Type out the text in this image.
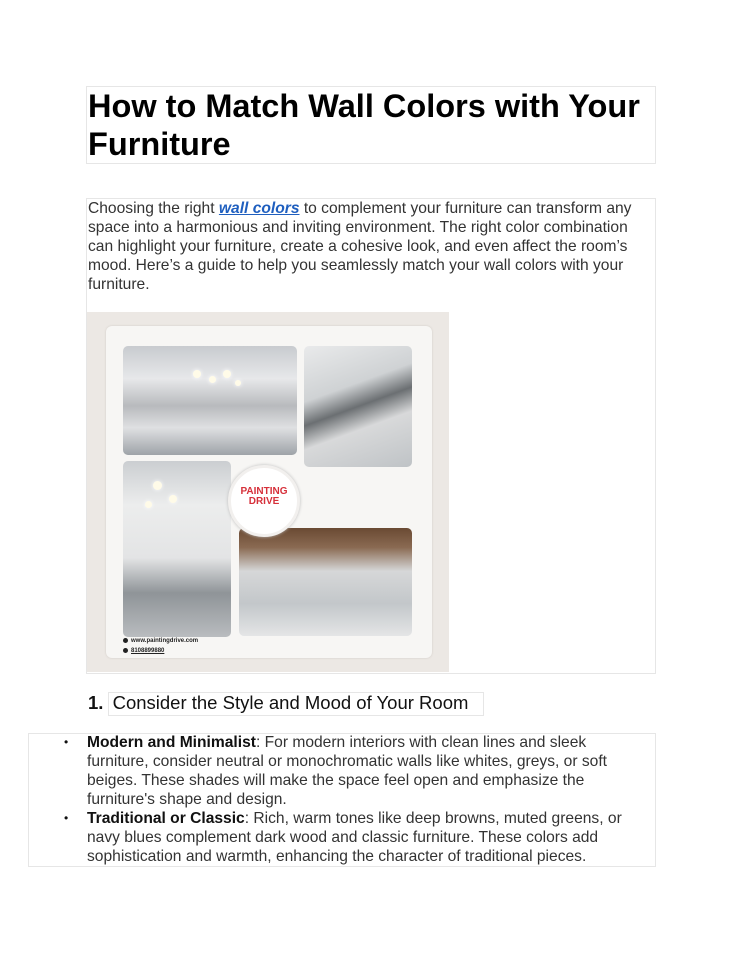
How to Match Wall Colors with Your Furniture

Choosing the right wall colors to complement your furniture can transform any space into a harmonious and inviting environment. The right color combination can highlight your furniture, create a cohesive look, and even affect the room’s mood. Here’s a guide to help you seamlessly match your wall colors with your furniture.

PAINTING
DRIVE
www.paintingdrive.com
8108899880
1. Consider the Style and Mood of Your Room
• Modern and Minimalist: For modern interiors with clean lines and sleek furniture, consider neutral or monochromatic walls like whites, greys, or soft beiges. These shades will make the space feel open and emphasize the furniture's shape and design.
• Traditional or Classic: Rich, warm tones like deep browns, muted greens, or navy blues complement dark wood and classic furniture. These colors add sophistication and warmth, enhancing the character of traditional pieces.
